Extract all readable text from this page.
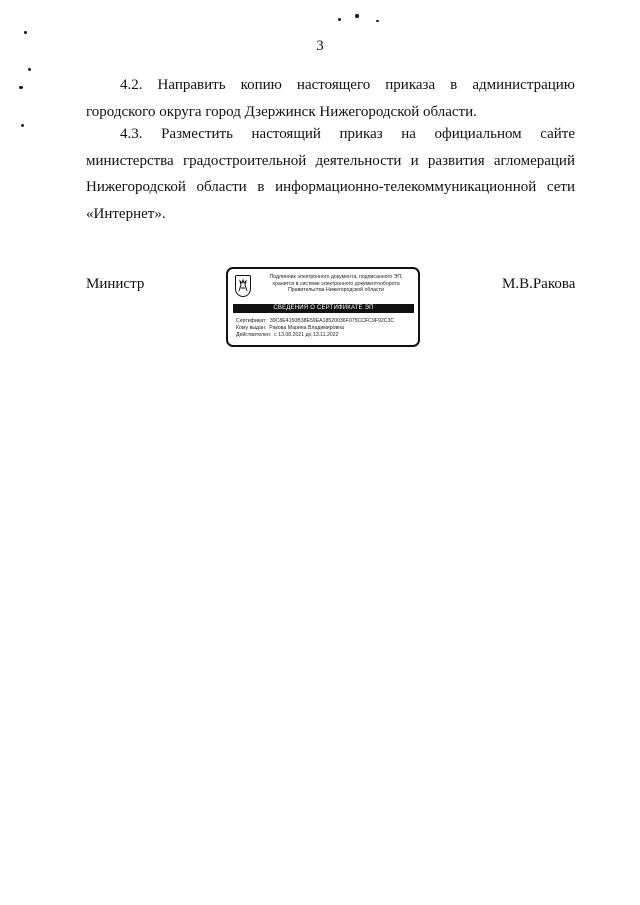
3

4.2. Направить копию настоящего приказа в администрацию городского округа город Дзержинск Нижегородской области.

4.3. Разместить настоящий приказ на официальном сайте министерства градостроительной деятельности и развития агломераций Нижегородской области в информационно-телекоммуникационной сети «Интернет».

Министр	Подлинник электронного документа, подписанного ЭП,
хранится в системе электронного документооборота
Правительства Нижегородской области
СВЕДЕНИЯ О СЕРТИФИКАТЕ ЭП
Сертификат: 39C8E4150B38E59EA18520036F075CCFC9F92C3C
Кому выдан: Ракова Марина Владимировна
Действителен: с 13.08.2021 до 13.11.2022
М.В.Ракова
